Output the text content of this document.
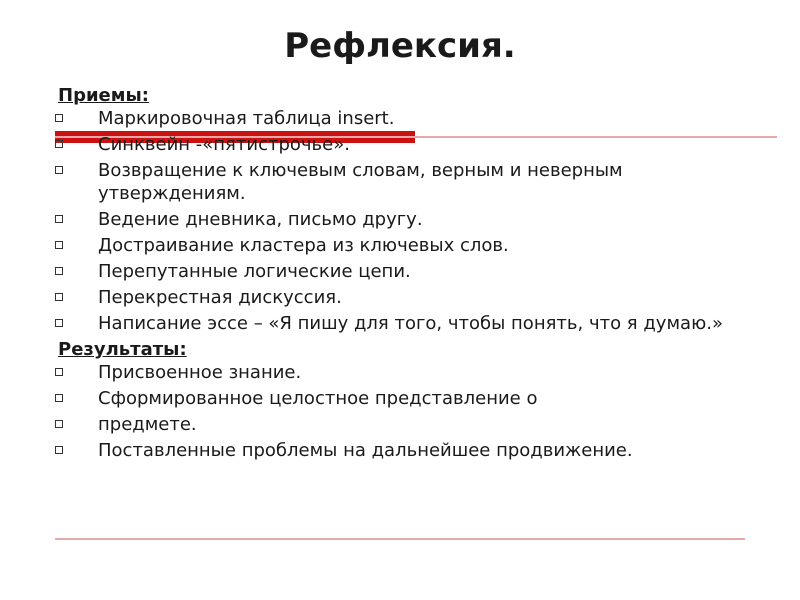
Рефлексия.
Приемы:
Маркировочная таблица insert.
Синквейн -«пятистрочье».
Возвращение к ключевым словам, верным и неверным утверждениям.
Ведение дневника, письмо другу.
Достраивание кластера из ключевых слов.
Перепутанные логические цепи.
Перекрестная дискуссия.
Написание эссе – «Я пишу для того, чтобы понять, что я думаю.»
Результаты:
Присвоенное знание.
Сформированное целостное представление о
предмете.
Поставленные проблемы на дальнейшее продвижение.
